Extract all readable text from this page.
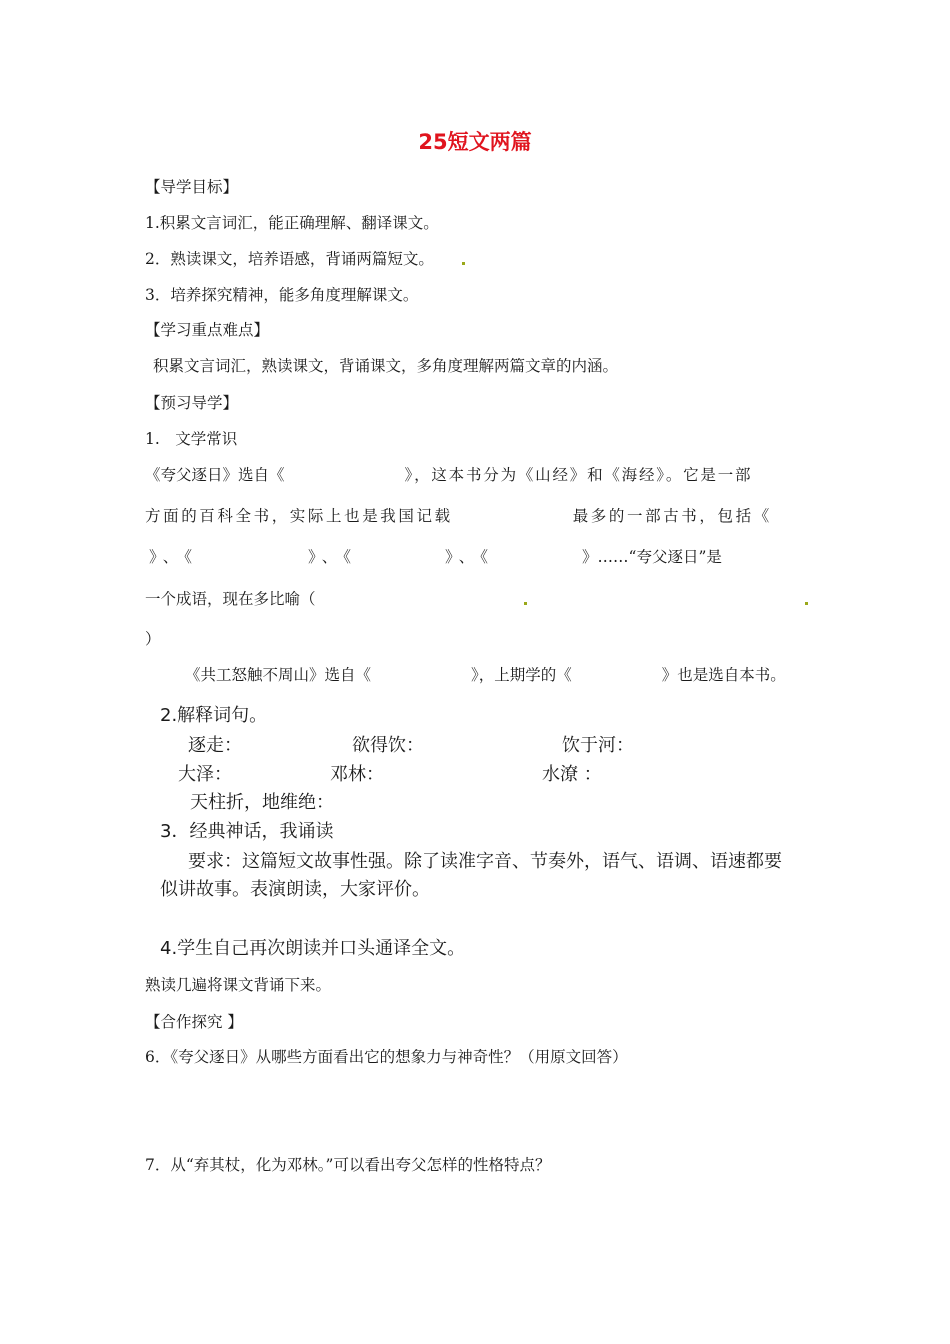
25短文两篇
【导学目标】
1.积累文言词汇，能正确理解、翻译课文。
2．熟读课文，培养语感，背诵两篇短文。
3．培养探究精神，能多角度理解课文。
【学习重点难点】
积累文言词汇，熟读课文，背诵课文，多角度理解两篇文章的内涵。
【预习导学】
1.　文学常识
《夸父逐日》选自《	》，这本书分为《山经》和《海经》。它是一部
方面的百科全书，实际上也是我国记载	最多的一部古书，包括《
》、《	》、《	》、《	》……“夸父逐日”是
一个成语，现在多比喻（
）
《共工怒触不周山》选自《	》，上期学的《	》也是选自本书。
2.解释词句。
逐走：	欲得饮：	饮于河：
大泽：	邓林：	水潦 ：
天柱折，地维绝：
3．经典神话，我诵读
要求：这篇短文故事性强。除了读准字音、节奏外，语气、语调、语速都要
似讲故事。表演朗读，大家评价。
4.学生自己再次朗读并口头通译全文。
熟读几遍将课文背诵下来。
【合作探究 】
6．《夸父逐日》从哪些方面看出它的想象力与神奇性？（用原文回答）
7．从“弃其杖，化为邓林。”可以看出夸父怎样的性格特点？
